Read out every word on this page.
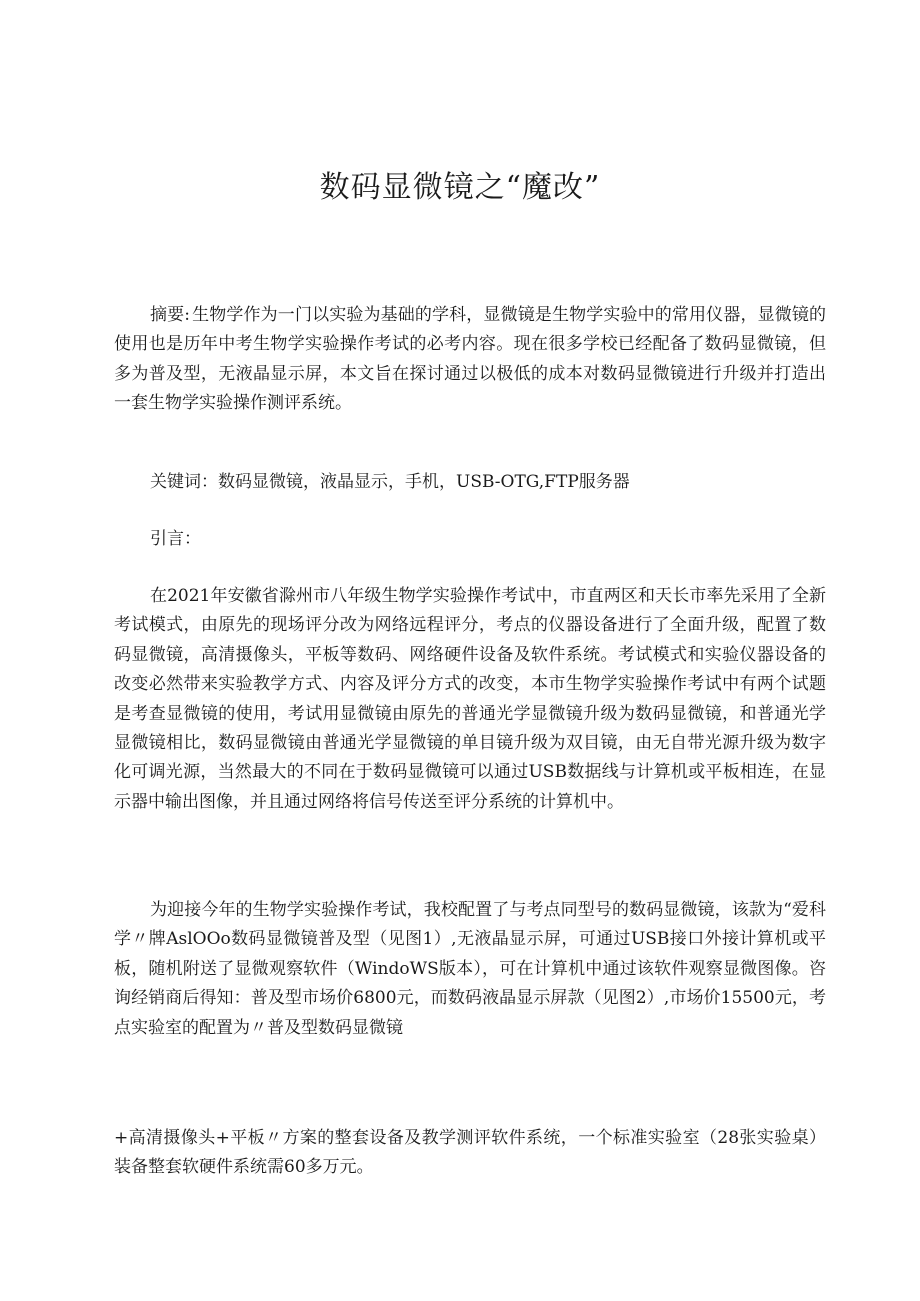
数码显微镜之“魔改”

摘要: 生物学作为一门以实验为基础的学科，显微镜是生物学实验中的常用仪器，显微镜的使用也是历年中考生物学实验操作考试的必考内容。现在很多学校已经配备了数码显微镜，但多为普及型，无液晶显示屏，本文旨在探讨通过以极低的成本对数码显微镜进行升级并打造出一套生物学实验操作测评系统。

关键词：数码显微镜，液晶显示，手机，USB-OTG,FTP服务器

引言：

在2021年安徽省滁州市八年级生物学实验操作考试中，市直两区和天长市率先采用了全新考试模式，由原先的现场评分改为网络远程评分，考点的仪器设备进行了全面升级，配置了数码显微镜，高清摄像头，平板等数码、网络硬件设备及软件系统。考试模式和实验仪器设备的改变必然带来实验教学方式、内容及评分方式的改变，本市生物学实验操作考试中有两个试题是考查显微镜的使用，考试用显微镜由原先的普通光学显微镜升级为数码显微镜，和普通光学显微镜相比，数码显微镜由普通光学显微镜的单目镜升级为双目镜，由无自带光源升级为数字化可调光源，当然最大的不同在于数码显微镜可以通过USB数据线与计算机或平板相连，在显示器中输出图像，并且通过网络将信号传送至评分系统的计算机中。

为迎接今年的生物学实验操作考试，我校配置了与考点同型号的数码显微镜，该款为“爱科学〃牌AslOOo数码显微镜普及型（见图1）,无液晶显示屏，可通过USB接口外接计算机或平板，随机附送了显微观察软件（WindoWS版本），可在计算机中通过该软件观察显微图像。咨询经销商后得知：普及型市场价6800元，而数码液晶显示屏款（见图2）,市场价15500元，考点实验室的配置为〃普及型数码显微镜

+高清摄像头+平板〃方案的整套设备及教学测评软件系统，一个标准实验室（28张实验桌）装备整套软硬件系统需60多万元。
